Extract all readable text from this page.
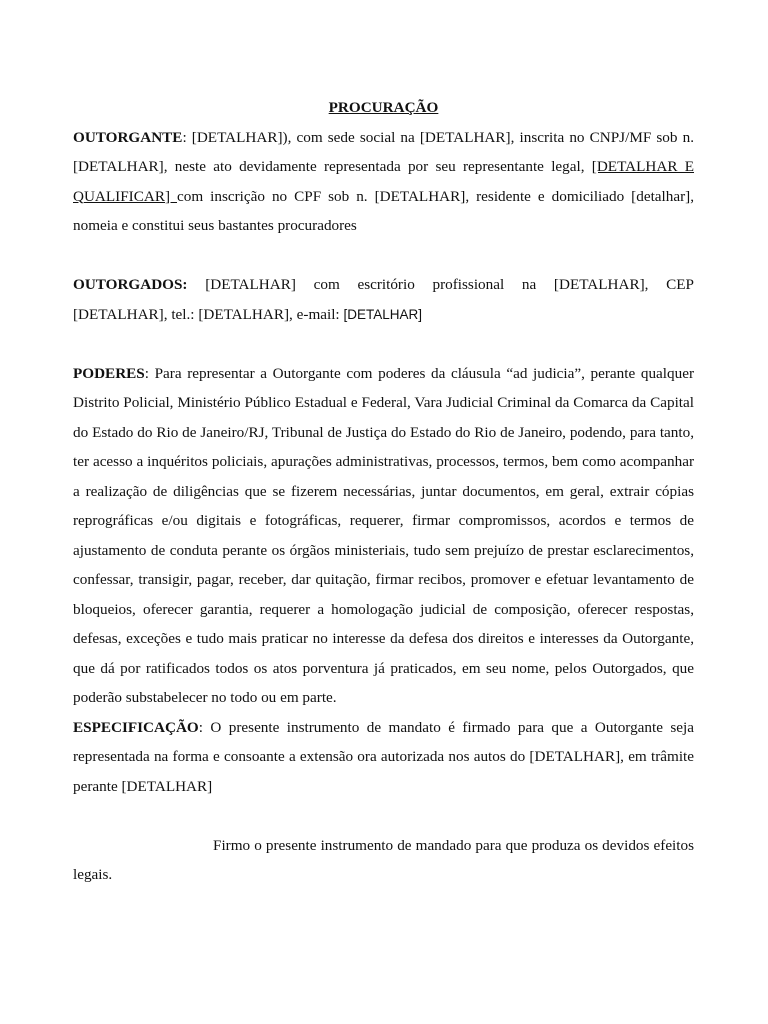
PROCURAÇÃO

OUTORGANTE: [DETALHAR]), com sede social na [DETALHAR], inscrita no CNPJ/MF sob n. [DETALHAR], neste ato devidamente representada por seu representante legal, [DETALHAR E QUALIFICAR] com inscrição no CPF sob n. [DETALHAR], residente e domiciliado [detalhar], nomeia e constitui seus bastantes procuradores

OUTORGADOS: [DETALHAR] com escritório profissional na [DETALHAR], CEP [DETALHAR], tel.: [DETALHAR], e-mail: [DETALHAR]

PODERES: Para representar a Outorgante com poderes da cláusula “ad judicia”, perante qualquer Distrito Policial, Ministério Público Estadual e Federal, Vara Judicial Criminal da Comarca da Capital do Estado do Rio de Janeiro/RJ, Tribunal de Justiça do Estado do Rio de Janeiro, podendo, para tanto, ter acesso a inquéritos policiais, apurações administrativas, processos, termos, bem como acompanhar a realização de diligências que se fizerem necessárias, juntar documentos, em geral, extrair cópias reprográficas e/ou digitais e fotográficas, requerer, firmar compromissos, acordos e termos de ajustamento de conduta perante os órgãos ministeriais, tudo sem prejuízo de prestar esclarecimentos, confessar, transigir, pagar, receber, dar quitação, firmar recibos, promover e efetuar levantamento de bloqueios, oferecer garantia, requerer a homologação judicial de composição, oferecer respostas, defesas, exceções e tudo mais praticar no interesse da defesa dos direitos e interesses da Outorgante, que dá por ratificados todos os atos porventura já praticados, em seu nome, pelos Outorgados, que poderão substabelecer no todo ou em parte.

ESPECIFICAÇÃO: O presente instrumento de mandato é firmado para que a Outorgante seja representada na forma e consoante a extensão ora autorizada nos autos do [DETALHAR], em trâmite perante [DETALHAR]

Firmo o presente instrumento de mandado para que produza os devidos efeitos legais.
